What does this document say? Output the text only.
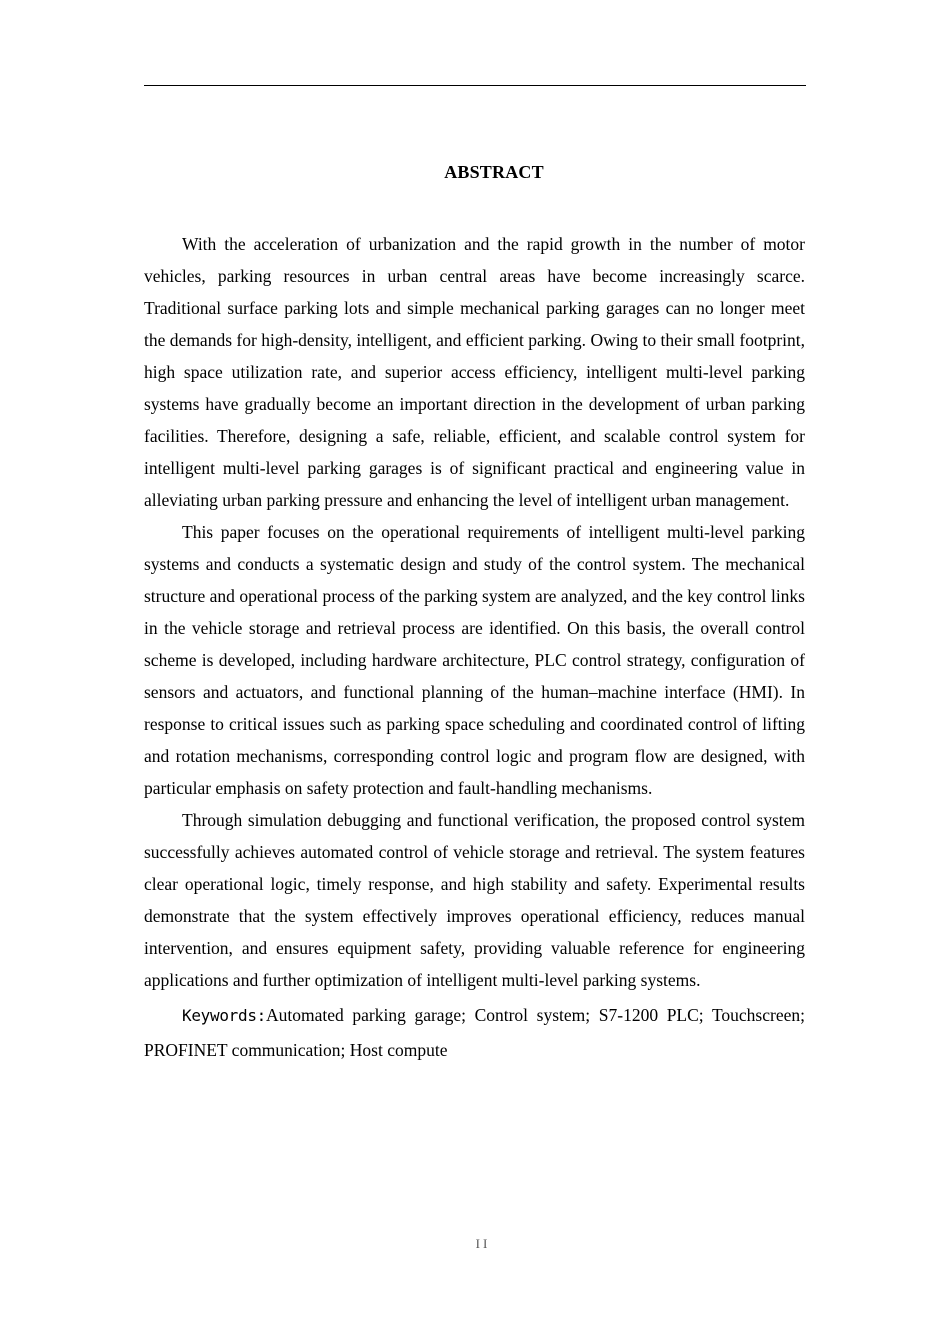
ABSTRACT

With the acceleration of urbanization and the rapid growth in the number of motor vehicles, parking resources in urban central areas have become increasingly scarce. Traditional surface parking lots and simple mechanical parking garages can no longer meet the demands for high-density, intelligent, and efficient parking. Owing to their small footprint, high space utilization rate, and superior access efficiency, intelligent multi-level parking systems have gradually become an important direction in the development of urban parking facilities. Therefore, designing a safe, reliable, efficient, and scalable control system for intelligent multi-level parking garages is of significant practical and engineering value in alleviating urban parking pressure and enhancing the level of intelligent urban management.

This paper focuses on the operational requirements of intelligent multi-level parking systems and conducts a systematic design and study of the control system. The mechanical structure and operational process of the parking system are analyzed, and the key control links in the vehicle storage and retrieval process are identified. On this basis, the overall control scheme is developed, including hardware architecture, PLC control strategy, configuration of sensors and actuators, and functional planning of the human–machine interface (HMI). In response to critical issues such as parking space scheduling and coordinated control of lifting and rotation mechanisms, corresponding control logic and program flow are designed, with particular emphasis on safety protection and fault-handling mechanisms.

Through simulation debugging and functional verification, the proposed control system successfully achieves automated control of vehicle storage and retrieval. The system features clear operational logic, timely response, and high stability and safety. Experimental results demonstrate that the system effectively improves operational efficiency, reduces manual intervention, and ensures equipment safety, providing valuable reference for engineering applications and further optimization of intelligent multi-level parking systems.

Keywords:Automated parking garage; Control system; S7-1200 PLC; Touchscreen; PROFINET communication; Host compute

II
